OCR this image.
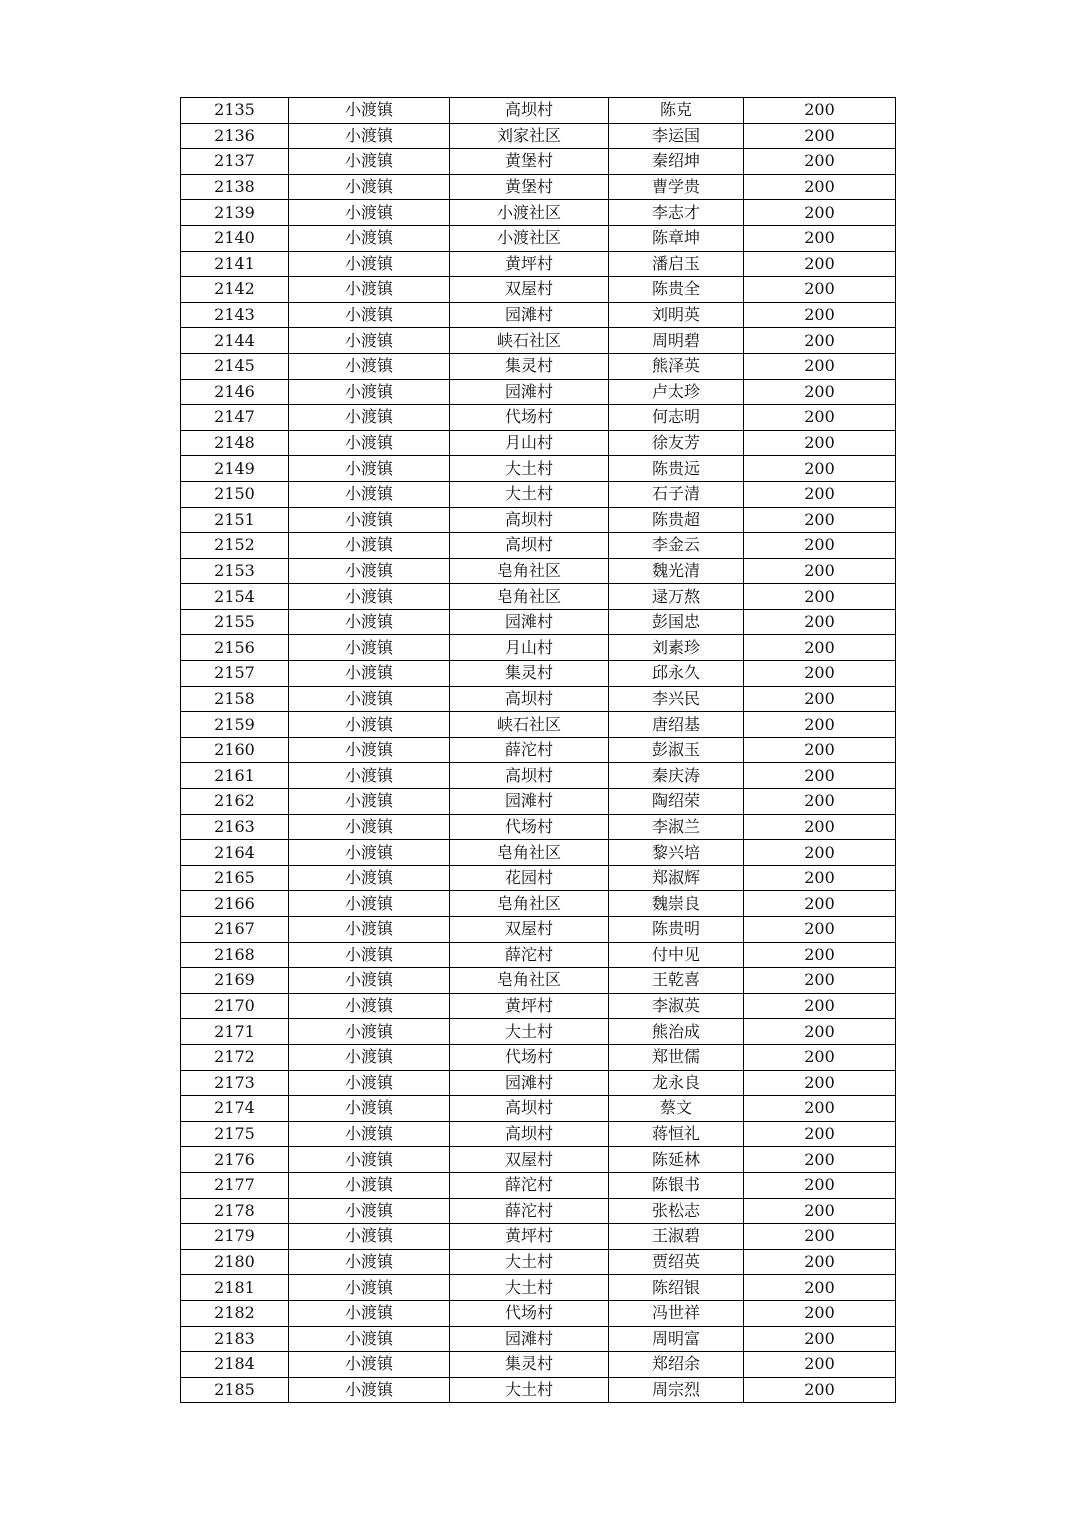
2135	小渡镇	高坝村	陈克	200
2136	小渡镇	刘家社区	李运国	200
2137	小渡镇	黄堡村	秦绍坤	200
2138	小渡镇	黄堡村	曹学贵	200
2139	小渡镇	小渡社区	李志才	200
2140	小渡镇	小渡社区	陈章坤	200
2141	小渡镇	黄坪村	潘启玉	200
2142	小渡镇	双屋村	陈贵全	200
2143	小渡镇	园滩村	刘明英	200
2144	小渡镇	峡石社区	周明碧	200
2145	小渡镇	集灵村	熊泽英	200
2146	小渡镇	园滩村	卢太珍	200
2147	小渡镇	代场村	何志明	200
2148	小渡镇	月山村	徐友芳	200
2149	小渡镇	大土村	陈贵远	200
2150	小渡镇	大土村	石子清	200
2151	小渡镇	高坝村	陈贵超	200
2152	小渡镇	高坝村	李金云	200
2153	小渡镇	皂角社区	魏光清	200
2154	小渡镇	皂角社区	逯万熬	200
2155	小渡镇	园滩村	彭国忠	200
2156	小渡镇	月山村	刘素珍	200
2157	小渡镇	集灵村	邱永久	200
2158	小渡镇	高坝村	李兴民	200
2159	小渡镇	峡石社区	唐绍基	200
2160	小渡镇	薛沱村	彭淑玉	200
2161	小渡镇	高坝村	秦庆涛	200
2162	小渡镇	园滩村	陶绍荣	200
2163	小渡镇	代场村	李淑兰	200
2164	小渡镇	皂角社区	黎兴培	200
2165	小渡镇	花园村	郑淑辉	200
2166	小渡镇	皂角社区	魏崇良	200
2167	小渡镇	双屋村	陈贵明	200
2168	小渡镇	薛沱村	付中见	200
2169	小渡镇	皂角社区	王乾喜	200
2170	小渡镇	黄坪村	李淑英	200
2171	小渡镇	大土村	熊治成	200
2172	小渡镇	代场村	郑世儒	200
2173	小渡镇	园滩村	龙永良	200
2174	小渡镇	高坝村	蔡文	200
2175	小渡镇	高坝村	蒋恒礼	200
2176	小渡镇	双屋村	陈延林	200
2177	小渡镇	薛沱村	陈银书	200
2178	小渡镇	薛沱村	张松志	200
2179	小渡镇	黄坪村	王淑碧	200
2180	小渡镇	大土村	贾绍英	200
2181	小渡镇	大土村	陈绍银	200
2182	小渡镇	代场村	冯世祥	200
2183	小渡镇	园滩村	周明富	200
2184	小渡镇	集灵村	郑绍余	200
2185	小渡镇	大土村	周宗烈	200
